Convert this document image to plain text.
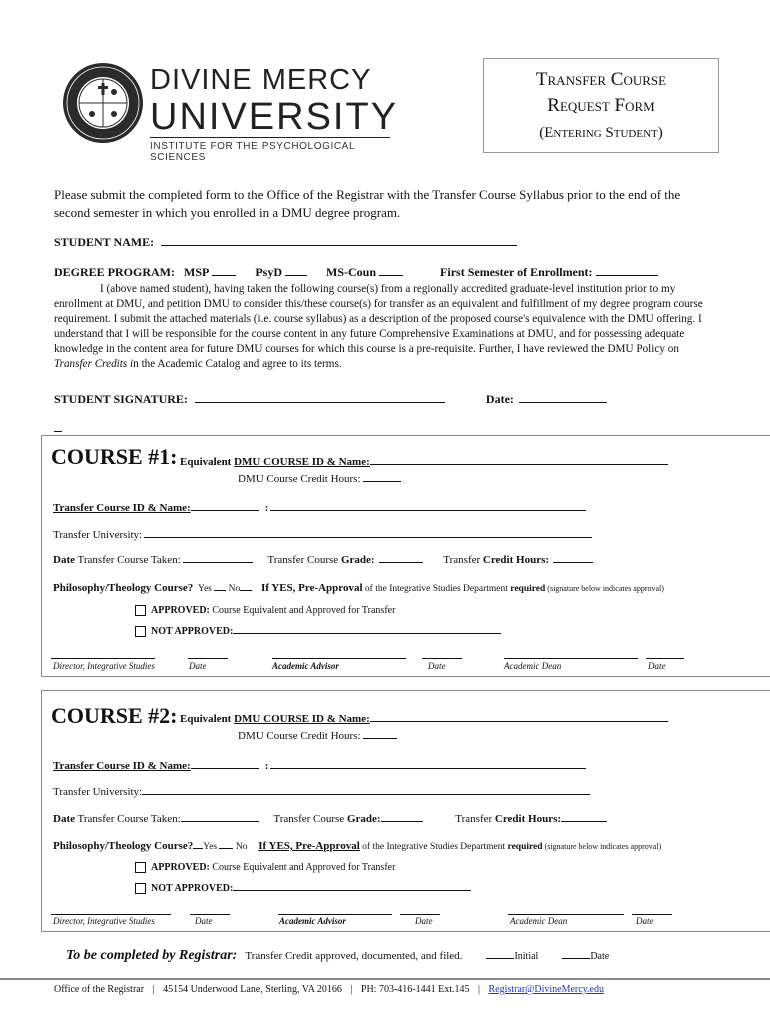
DIVINE MERCY
UNIVERSITY
INSTITUTE FOR THE PSYCHOLOGICAL SCIENCES
Transfer Course
Request Form
(Entering Student)
Please submit the completed form to the Office of the Registrar with the Transfer Course Syllabus prior to the end of the second semester in which you enrolled in a DMU degree program.
STUDENT NAME:
DEGREE PROGRAM: MSP	PsyD	MS-Coun	First Semester of Enrollment:
I (above named student), having taken the following course(s) from a regionally accredited graduate-level institution prior to my enrollment at DMU, and petition DMU to consider this/these course(s) for transfer as an equivalent and fulfillment of my degree program course requirement. I submit the attached materials (i.e. course syllabus) as a description of the proposed course's equivalence with the DMU offering. I understand that I will be responsible for the course content in any future Comprehensive Examinations at DMU, and for possessing adequate knowledge in the content area for future DMU courses for which this course is a pre-requisite. Further, I have reviewed the DMU Policy on Transfer Credits in the Academic Catalog and agree to its terms.
STUDENT SIGNATURE:	Date:
COURSE #1: Equivalent DMU COURSE ID & Name:
DMU Course Credit Hours:
Transfer Course ID & Name:	:
Transfer University:
Date Transfer Course Taken:	Transfer Course Grade:	Transfer Credit Hours:
Philosophy/Theology Course? Yes No If YES, Pre-Approval of the Integrative Studies Department required (signature below indicates approval)
APPROVED: Course Equivalent and Approved for Transfer
NOT APPROVED:
Director, Integrative Studies	Date	Academic Advisor	Date	Academic Dean	Date
COURSE #2: Equivalent DMU COURSE ID & Name:
DMU Course Credit Hours:
Transfer Course ID & Name:	:
Transfer University:
Date Transfer Course Taken:	Transfer Course Grade:	Transfer Credit Hours:
Philosophy/Theology Course? Yes No If YES, Pre-Approval of the Integrative Studies Department required (signature below indicates approval)
APPROVED: Course Equivalent and Approved for Transfer
NOT APPROVED:
Director, Integrative Studies	Date	Academic Advisor	Date	Academic Dean	Date
To be completed by Registrar: Transfer Credit approved, documented, and filed.	Initial	Date
Office of the Registrar | 45154 Underwood Lane, Sterling, VA 20166 | PH: 703-416-1441 Ext.145 | Registrar@DivineMercy.edu
